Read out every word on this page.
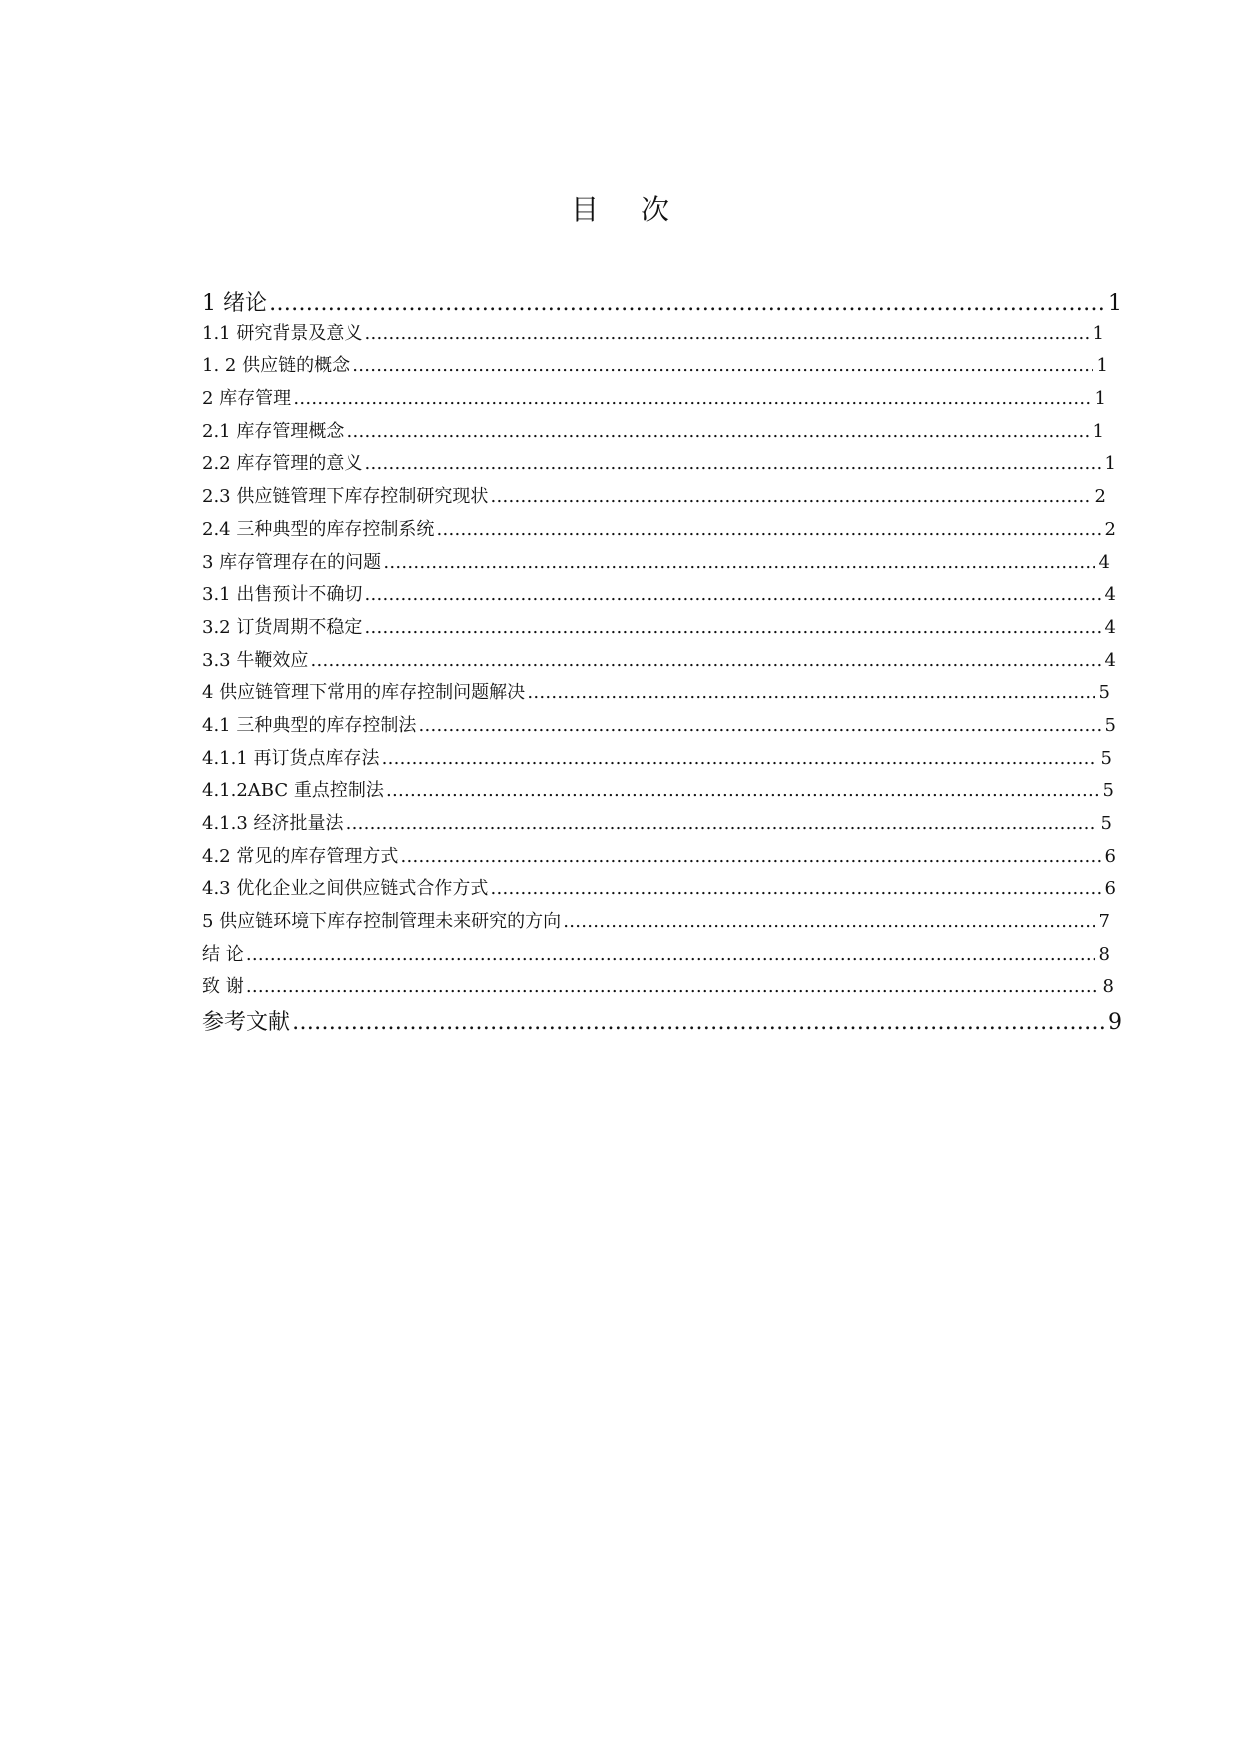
目次
1 绪论 …………………………………………………………………………………………………………………………………………………………………………………………………………………………	1
1.1 研究背景及意义 …………………………………………………………………………………………………………………………………………………………………………………………………………………………	1
1. 2 供应链的概念 …………………………………………………………………………………………………………………………………………………………………………………………………………………………	1
2 库存管理 …………………………………………………………………………………………………………………………………………………………………………………………………………………………	1
2.1 库存管理概念 …………………………………………………………………………………………………………………………………………………………………………………………………………………………	1
2.2 库存管理的意义 …………………………………………………………………………………………………………………………………………………………………………………………………………………………	1
2.3 供应链管理下库存控制研究现状 …………………………………………………………………………………………………………………………………………………………………………………………………………………………	2
2.4 三种典型的库存控制系统 …………………………………………………………………………………………………………………………………………………………………………………………………………………………	2
3 库存管理存在的问题 …………………………………………………………………………………………………………………………………………………………………………………………………………………………	4
3.1 出售预计不确切 …………………………………………………………………………………………………………………………………………………………………………………………………………………………	4
3.2 订货周期不稳定 …………………………………………………………………………………………………………………………………………………………………………………………………………………………	4
3.3 牛鞭效应 …………………………………………………………………………………………………………………………………………………………………………………………………………………………	4
4 供应链管理下常用的库存控制问题解决 …………………………………………………………………………………………………………………………………………………………………………………………………………………………	5
4.1 三种典型的库存控制法 …………………………………………………………………………………………………………………………………………………………………………………………………………………………	5
4.1.1 再订货点库存法 …………………………………………………………………………………………………………………………………………………………………………………………………………………………	5
4.1.2ABC 重点控制法 …………………………………………………………………………………………………………………………………………………………………………………………………………………………	5
4.1.3 经济批量法 …………………………………………………………………………………………………………………………………………………………………………………………………………………………	5
4.2 常见的库存管理方式 …………………………………………………………………………………………………………………………………………………………………………………………………………………………	6
4.3 优化企业之间供应链式合作方式 …………………………………………………………………………………………………………………………………………………………………………………………………………………………	6
5 供应链环境下库存控制管理未来研究的方向 …………………………………………………………………………………………………………………………………………………………………………………………………………………………	7
结 论 …………………………………………………………………………………………………………………………………………………………………………………………………………………………	8
致 谢 …………………………………………………………………………………………………………………………………………………………………………………………………………………………	8
参考文献 …………………………………………………………………………………………………………………………………………………………………………………………………………………………	9
